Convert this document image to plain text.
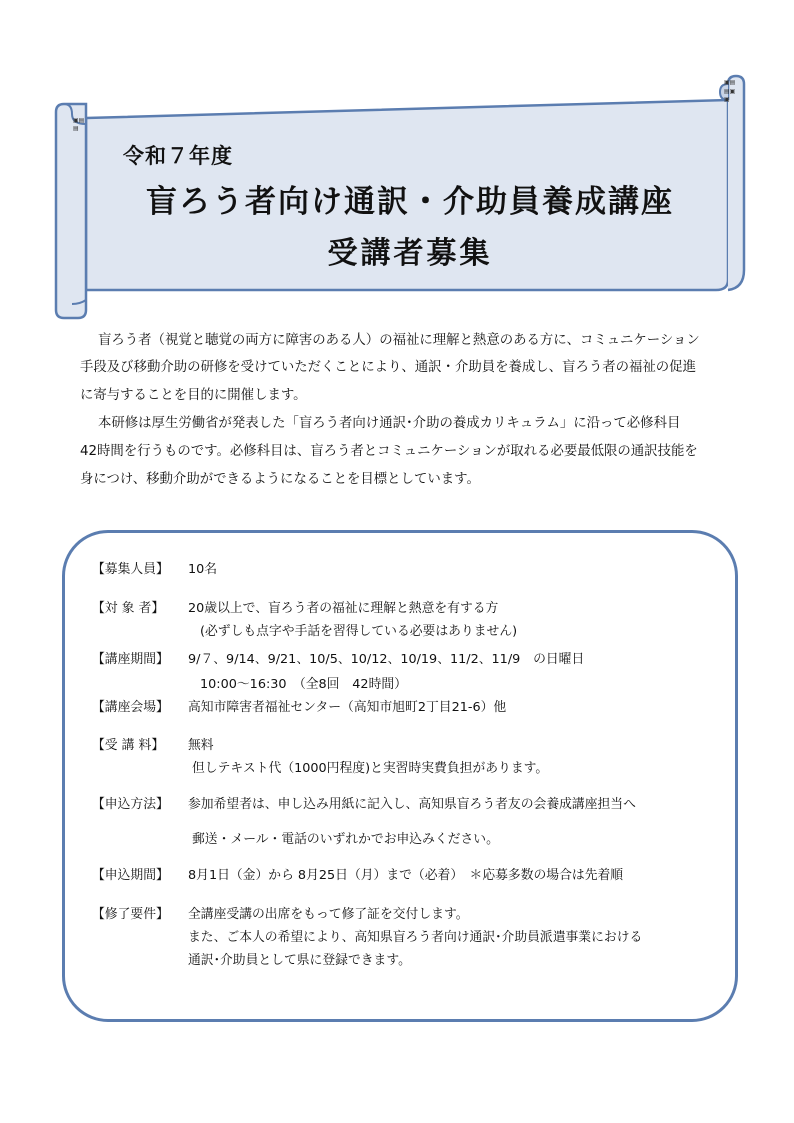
▣▤
▤
▣▤
▤▣
▣
令和７年度
盲ろう者向け通訳・介助員養成講座
受講者募集
盲ろう者（視覚と聴覚の両方に障害のある人）の福祉に理解と熱意のある方に、コミュニケーション
手段及び移動介助の研修を受けていただくことにより、通訳・介助員を養成し、盲ろう者の福祉の促進
に寄与することを目的に開催します。
本研修は厚生労働省が発表した「盲ろう者向け通訳･介助の養成カリキュラム」に沿って必修科目
42時間を行うものです。必修科目は、盲ろう者とコミュニケーションが取れる必要最低限の通訳技能を
身につけ、移動介助ができるようになることを目標としています。
【募集人員】 10名
【対 象 者】 20歳以上で、盲ろう者の福祉に理解と熱意を有する方
(必ずしも点字や手話を習得している必要はありません)
【講座期間】 9/７、9/14、9/21、10/5、10/12、10/19、11/2、11/9　の日曜日
10:00～16:30　（全8回　42時間）
【講座会場】 高知市障害者福祉センター（高知市旭町2丁目21-6）他
【受 講 料】 無料
但しテキスト代（1000円程度)と実習時実費負担があります。
【申込方法】 参加希望者は、申し込み用紙に記入し、高知県盲ろう者友の会養成講座担当へ
郵送・メール・電話のいずれかでお申込みください。
【申込期間】 8月1日（金）から 8月25日（月）まで（必着）　＊応募多数の場合は先着順
【修了要件】 全講座受講の出席をもって修了証を交付します。
また、ご本人の希望により、高知県盲ろう者向け通訳･介助員派遣事業における
通訳･介助員として県に登録できます。
